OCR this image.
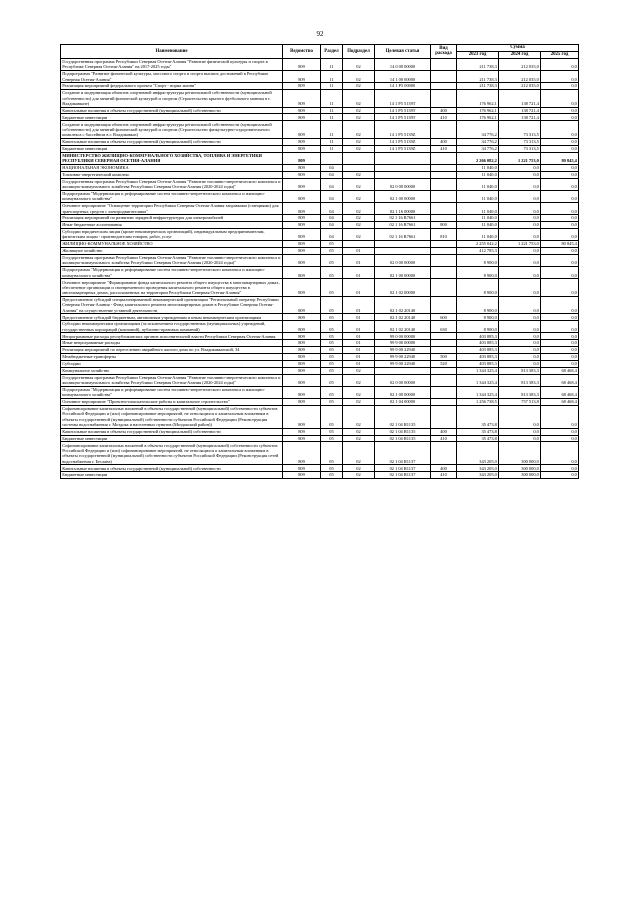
92
Наименование	Ведомство	Раздел	Подраздел	Целевая статья	Вид расхода	Сумма		
						2023 год	2024 год	2025 год
Государственная программа Республики Северная Осетия-Алания "Развитие физической культуры и спорта в Республике Северная Осетия-Алания" на 2017-2025 годы"	809	11	02	14 0 00 00000		211 738,3	212 035,0	0,0
Подпрограмма "Развитие физической культуры, массового спорта и спорта высших достижений в Республике Северная Осетия-Алания"	809	11	02	14 1 00 00000		211 738,3	212 035,0	0,0
Реализация мероприятий федерального проекта "Спорт - норма жизни"	809	11	02	14 1 P5 00000		211 738,3	212 035,0	0,0
Создание и модернизация объектов спортивной инфраструктуры региональной собственности (муниципальной собственности) для занятий физической культурой и спортом (Строительство крытого футбольного манежа в г. Владикавказе)	809	11	02	14 1 P5 5139Т		176 962,1	138 721,4	0,0
Капитальные вложения в объекты государственной (муниципальной) собственности	809	11	02	14 1 P5 5139Т	400	176 962,1	138 721,4	0,0
Бюджетные инвестиции	809	11	02	14 1 P5 5139Т	410	176 962,1	138 721,4	0,0
Создание и модернизация объектов спортивной инфраструктуры региональной собственности (муниципальной собственности) для занятий физической культурой и спортом (Строительство физкультурно-оздоровительного комплекса с бассейном в г. Владикавказ)	809	11	02	14 1 P5 5139Z		34 776,2	73 313,5	0,0
Капитальные вложения в объекты государственной (муниципальной) собственности	809	11	02	14 1 P5 5139Z	400	34 776,2	73 313,5	0,0
Бюджетные инвестиции	809	11	02	14 1 P5 5139Z	410	34 776,2	73 313,5	0,0
МИНИСТЕРСТВО ЖИЛИЩНО-КОММУНАЛЬНОГО ХОЗЯЙСТВА, ТОПЛИВА И ЭНЕРГЕТИКИ РЕСПУБЛИКИ СЕВЕРНАЯ ОСЕТИЯ-АЛАНИЯ	809					2 266 082,2	1 221 753,0	80 845,4
НАЦИОНАЛЬНАЯ ЭКОНОМИКА	809	04				11 040,0	0,0	0,0
Топливно-энергетический комплекс	809	04	02			11 040,0	0,0	0,0
Государственная программа Республики Северная Осетия-Алания "Развитие топливно-энергетического комплекса и жилищно-коммунального хозяйства Республики Северная Осетия-Алания (2020-2024 годы)"	809	04	02	02 0 00 00000		11 040,0	0,0	0,0
Подпрограмма "Модернизация и реформирование систем топливно-энергетического комплекса и жилищно-коммунального хозяйства"	809	04	02	02 1 00 00000		11 040,0	0,0	0,0
Основное мероприятие "Оснащение территории Республики Северная Осетия-Алания заправками (станциями) для транспортных средств с электродвигателями"	809	04	02	02 1 16 00000		11 040,0	0,0	0,0
Реализация мероприятий по развитию зарядной инфраструктуры для электромобилей	809	04	02	02 1 16 R7661		11 040,0	0,0	0,0
Иные бюджетные ассигнования	809	04	02	02 1 16 R7661	800	11 040,0	0,0	0,0
Субсидии юридическим лицам (кроме некоммерческих организаций), индивидуальным предпринимателям, физическим лицам - производителям товаров, работ, услуг	809	04	02	02 1 16 R7661	810	11 040,0	0,0	0,0
ЖИЛИЩНО-КОММУНАЛЬНОЕ ХОЗЯЙСТВО	809	05				2 255 042,2	1 221 753,0	80 845,4
Жилищное хозяйство	809	05	01			412 785,3	0,0	0,0
Государственная программа Республики Северная Осетия-Алания "Развитие топливно-энергетического комплекса и жилищно-коммунального хозяйства Республики Северная Осетия-Алания (2020-2024 годы)"	809	05	01	02 0 00 00000		8 900,0	0,0	0,0
Подпрограмма "Модернизация и реформирование систем топливно-энергетического комплекса и жилищно-коммунального хозяйства"	809	05	01	02 1 00 00000		8 900,0	0,0	0,0
Основное мероприятие "Формирование фонда капитального ремонта общего имущества в многоквартирных домах, обеспечение организации и своевременного проведения капитального ремонта общего имущества в многоквартирных домах, расположенных на территории Республики Северная Осетия-Алания"	809	05	01	02 1 02 00000		8 900,0	0,0	0,0
Предоставление субсидий специализированной некоммерческой организации "Региональный оператор Республики Северная Осетия-Алания - Фонд капитального ремонта многоквартирных домов в Республике Северная Осетия-Алания" на осуществление уставной деятельности	809	05	01	02 1 02 20140		8 900,0	0,0	0,0
Предоставление субсидий бюджетным, автономным учреждениям и иным некоммерческим организациям	809	05	01	02 1 02 20140	600	8 900,0	0,0	0,0
Субсидии некоммерческим организациям (за исключением государственных (муниципальных) учреждений, государственных корпораций (компаний), публично-правовых компаний)	809	05	01	02 1 02 20140	630	8 900,0	0,0	0,0
Непрограммные расходы республиканских органов исполнительной власти Республики Северная Осетия-Алания	809	05	01	99 0 00 00000		403 885,3	0,0	0,0
Иные непрограммные расходы	809	05	01	99 9 00 00000		403 885,3	0,0	0,0
Реализация мероприятий по переселению аварийного жилого дома по ул. Владикавказской, 34	809	05	01	99 9 00 22940		403 885,3	0,0	0,0
Межбюджетные трансферты	809	05	01	99 9 00 22940	500	403 885,3	0,0	0,0
Субсидии	809	05	01	99 9 00 22940	520	403 885,3	0,0	0,0
Коммунальное хозяйство	809	05	02			1 344 325,4	813 383,3	68 468,4
Государственная программа Республики Северная Осетия-Алания "Развитие топливно-энергетического комплекса и жилищно-коммунального хозяйства Республики Северная Осетия-Алания (2020-2024 годы)"	809	05	02	02 0 00 00000		1 344 325,4	813 383,3	68 468,4
Подпрограмма "Модернизация и реформирование систем топливно-энергетического комплекса и жилищно-коммунального хозяйства"	809	05	02	02 1 00 00000		1 344 325,4	813 383,3	68 468,4
Основное мероприятие "Проектно-изыскательские работы и капитальное строительство"	809	05	02	02 1 04 00000		1 256 738,5	757 513,8	68 468,4
Софинансирование капитальных вложений в объекты государственной (муниципальной) собственности субъектов Российской Федерации и (или) софинансирование мероприятий, не относящихся к капитальным вложениям в объекты государственной (муниципальной) собственности субъектов Российской Федерации (Реконструкция системы водоснабжения г. Моздока и населенных пунктов (Моздокский район))	809	05	02	02 1 04 R1135		35 473,8	0,0	0,0
Капитальные вложения в объекты государственной (муниципальной) собственности	809	05	02	02 1 04 R1135	400	35 473,8	0,0	0,0
Бюджетные инвестиции	809	05	02	02 1 04 R1135	410	35 473,8	0,0	0,0
Софинансирование капитальных вложений в объекты государственной (муниципальной) собственности субъектов Российской Федерации и (или) софинансирование мероприятий, не относящихся к капитальным вложениям в объекты государственной (муниципальной) собственности субъектов Российской Федерации (Реконструкция сетей водоснабжения г. Беслана)	809	05	02	02 1 04 R1137		343 205,0	300 000,0	0,0
Капитальные вложения в объекты государственной (муниципальной) собственности	809	05	02	02 1 04 R1137	400	343 205,0	300 000,0	0,0
Бюджетные инвестиции	809	05	02	02 1 04 R1137	410	343 205,0	300 000,0	0,0
